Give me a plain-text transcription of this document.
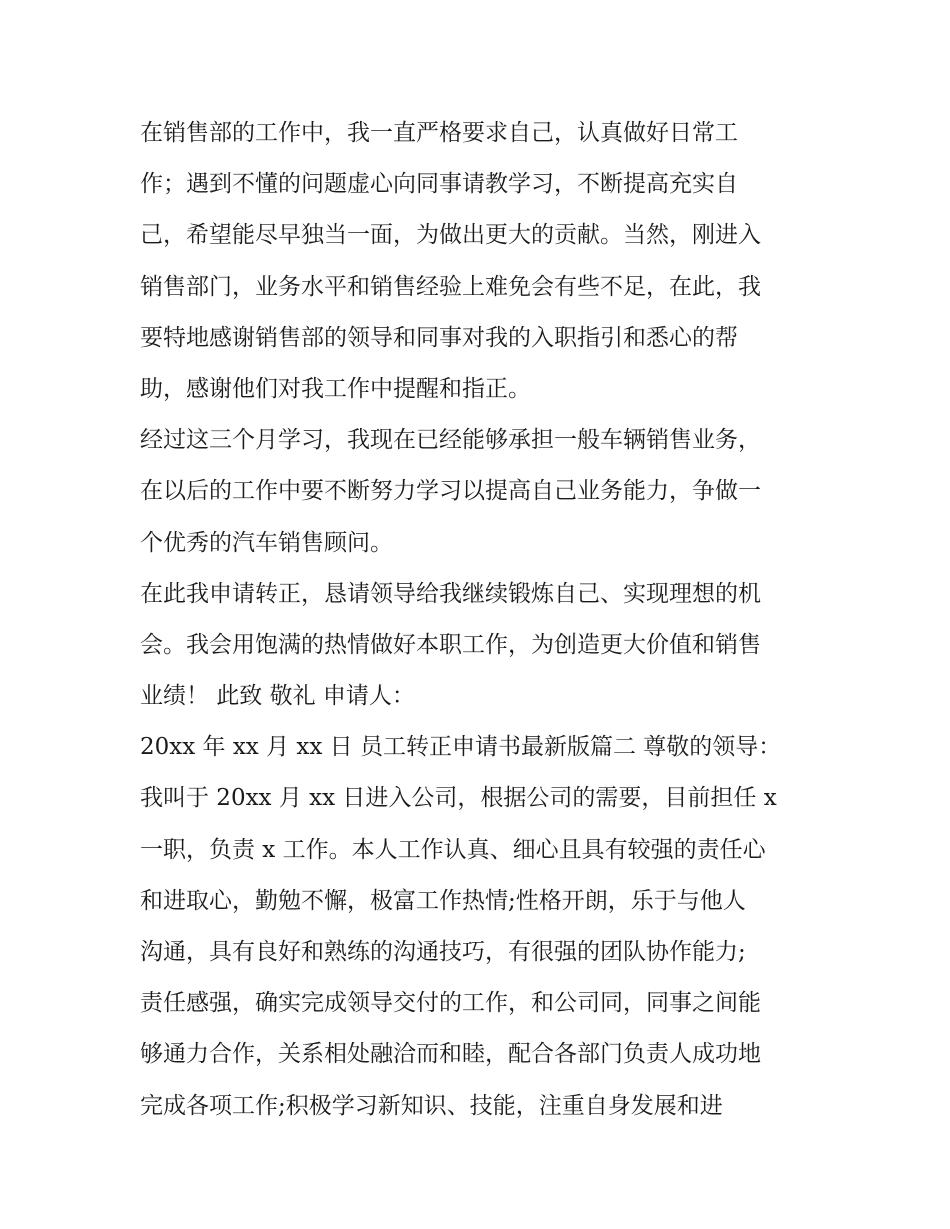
在销售部的工作中，我一直严格要求自己，认真做好日常工
作；遇到不懂的问题虚心向同事请教学习，不断提高充实自
己，希望能尽早独当一面，为做出更大的贡献。当然，刚进入
销售部门，业务水平和销售经验上难免会有些不足，在此，我
要特地感谢销售部的领导和同事对我的入职指引和悉心的帮
助，感谢他们对我工作中提醒和指正。
经过这三个月学习，我现在已经能够承担一般车辆销售业务，
在以后的工作中要不断努力学习以提高自己业务能力，争做一
个优秀的汽车销售顾问。
在此我申请转正，恳请领导给我继续锻炼自己、实现理想的机
会。我会用饱满的热情做好本职工作，为创造更大价值和销售
业绩！ 此致 敬礼 申请人：
20xx 年 xx 月 xx 日 员工转正申请书最新版篇二 尊敬的领导：
我叫于 20xx 月 xx 日进入公司，根据公司的需要，目前担任 x
一职，负责 x 工作。本人工作认真、细心且具有较强的责任心
和进取心，勤勉不懈，极富工作热情;性格开朗，乐于与他人
沟通，具有良好和熟练的沟通技巧，有很强的团队协作能力;
责任感强，确实完成领导交付的工作，和公司同，同事之间能
够通力合作，关系相处融洽而和睦，配合各部门负责人成功地
完成各项工作;积极学习新知识、技能，注重自身发展和进
